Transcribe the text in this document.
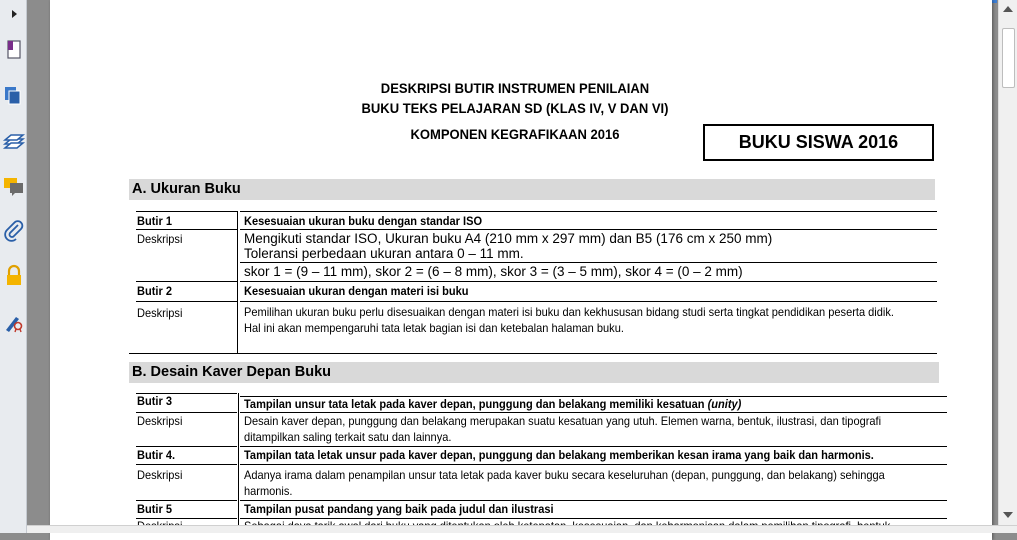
DESKRIPSI BUTIR INSTRUMEN PENILAIAN
BUKU TEKS PELAJARAN SD (KLAS IV, V DAN VI)
KOMPONEN KEGRAFIKAAN 2016	BUKU SISWA 2016
A. Ukuran Buku
Butir 1	Kesesuaian ukuran buku dengan standar ISO
Deskripsi	Mengikuti standar ISO, Ukuran buku A4 (210 mm x 297 mm) dan B5 (176 cm x 250 mm)
Toleransi perbedaan ukuran antara 0 – 11 mm.
skor 1 = (9 – 11 mm), skor 2 = (6 – 8 mm), skor 3 = (3 – 5 mm), skor 4 = (0 – 2 mm)
Butir 2	Kesesuaian ukuran dengan materi isi buku
Deskripsi	Pemilihan ukuran buku perlu disesuaikan dengan materi isi buku dan kekhususan bidang studi serta tingkat pendidikan peserta didik.
Hal ini akan mempengaruhi tata letak bagian isi dan ketebalan halaman buku.
B. Desain Kaver Depan Buku
Butir 3	Tampilan unsur tata letak pada kaver depan, punggung dan belakang memiliki kesatuan (unity)
Deskripsi	Desain kaver depan, punggung dan belakang merupakan suatu kesatuan yang utuh. Elemen warna, bentuk, ilustrasi, dan tipografi
ditampilkan saling terkait satu dan lainnya.
Butir 4.	Tampilan tata letak unsur pada kaver depan, punggung dan belakang memberikan kesan irama yang baik dan harmonis.
Deskripsi	Adanya irama dalam penampilan unsur tata letak pada kaver buku secara keseluruhan (depan, punggung, dan belakang) sehingga
harmonis.
Butir 5	Tampilan pusat pandang yang baik pada judul dan ilustrasi
